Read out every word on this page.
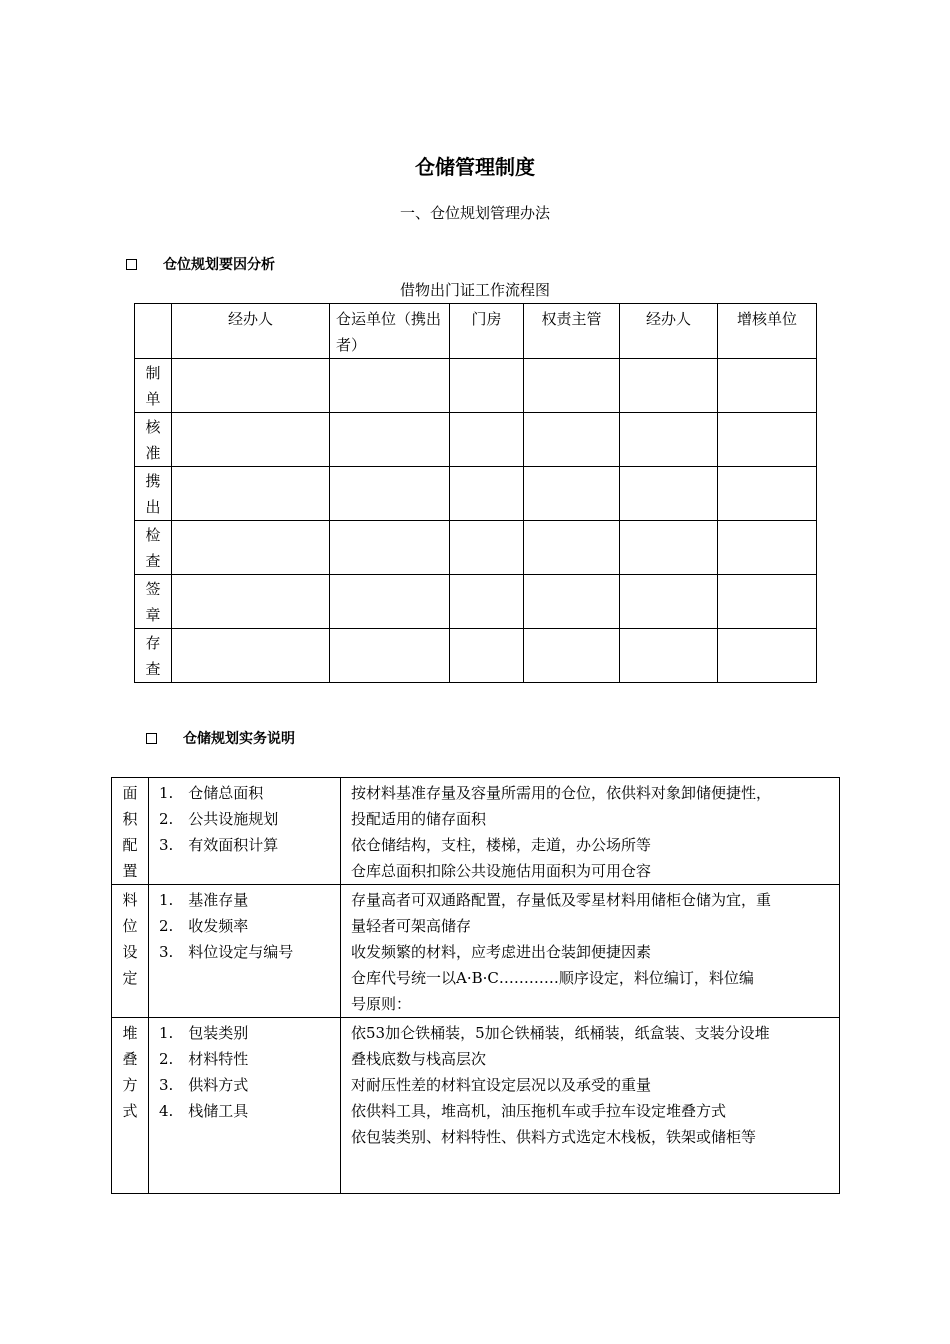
仓储管理制度
一、仓位规划管理办法
仓位规划要因分析
借物出门证工作流程图
	经办人	仓运单位（携出者）	门房	权责主管	经办人	增核单位

制
单						

核
准						

携
出						

检
查						

签
章						

存
查						

仓储规划实务说明
面
积
配
置	1.　仓储总面积
2.　公共设施规划
3.　有效面积计算	按材料基准存量及容量所需用的仓位，依供料对象卸储便捷性，
投配适用的储存面积
依仓储结构，支柱，楼梯，走道，办公场所等
仓库总面积扣除公共设施估用面积为可用仓容

料
位
设
定	1.　基准存量
2.　收发频率
3.　料位设定与编号	存量高者可双通路配置，存量低及零星材料用储柜仓储为宜，重
量轻者可架高储存
收发频繁的材料，应考虑进出仓装卸便捷因素
仓库代号统一以A·B·C…………顺序设定，料位编订，料位编
号原则：

堆
叠
方
式	1.　包装类别
2.　材料特性
3.　供料方式
4.　栈储工具	依53加仑铁桶装，5加仑铁桶装，纸桶装，纸盒装、支装分设堆
叠栈底数与栈高层次
对耐压性差的材料宜设定层况以及承受的重量
依供料工具，堆高机，油压拖机车或手拉车设定堆叠方式
依包装类别、材料特性、供料方式选定木栈板，铁架或储柜等
